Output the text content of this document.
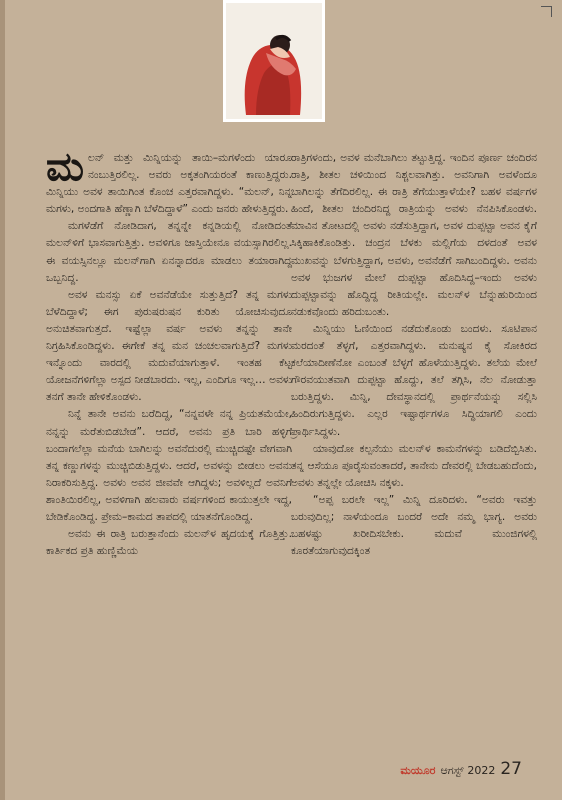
ಮಲನ್ ಮತ್ತು ಮಿನ್ನಿಯನ್ನು ತಾಯಿ–ಮಗಳೆಂದು ಯಾರೂ ನಂಬುತ್ತಿರಲಿಲ್ಲ. ಅವರು ಅಕ್ಕತಂಗಿಯರಂತೆ ಕಾಣುತ್ತಿದ್ದರು. ಮಿನ್ನಿಯು ಅವಳ ತಾಯಿಗಿಂತ ಕೊಂಚ ಎತ್ತರವಾಗಿದ್ದಳು. “ಮಲನ್, ನಿನ್ನ ಮಗಳು, ಅಂದಗಾತಿ ಹೆಣ್ಣಾಗಿ ಬೆಳೆದಿದ್ದಾಳೆ” ಎಂದು ಜನರು ಹೇಳುತ್ತಿದ್ದರು.

ಮಗಳೆಡೆಗೆ ನೋಡಿದಾಗ, ತನ್ನನ್ನೇ ಕನ್ನಡಿಯಲ್ಲಿ ನೋಡಿದಂತೆ ಮಲನ್‌ಳಿಗೆ ಭಾಸವಾಗುತ್ತಿತ್ತು. ಅವಳಿಗೂ ಜಾಸ್ತಿಯೇನೂ ವಯಸ್ಸಾಗಿರಲಿಲ್ಲ. ಈ ವಯಸ್ಸಿನಲ್ಲೂ ಮಲನ್‌ಗಾಗಿ ಏನನ್ನಾದರೂ ಮಾಡಲು ತಯಾರಾಗಿದ್ದ ಒಬ್ಬನಿದ್ದ.

ಅವಳ ಮನಸ್ಸು ಏಕೆ ಅವನೆಡೆಯೇ ಸುತ್ತುತ್ತಿದೆ? ತನ್ನ ಮಗಳು ಬೆಳೆದಿದ್ದಾಳೆ; ಈಗ ಪುರುಷರುಷನ ಕುರಿತು ಯೋಚಿಸುವುದೂ ಅನುಚಿತವಾಗುತ್ತದೆ. ಇಷ್ಟೆಲ್ಲಾ ವರ್ಷ ಅವಳು ತನ್ನನ್ನು ತಾನೇ ನಿಗ್ರಹಿಸಿಕೊಂಡಿದ್ದಳು. ಈಗೇಕೆ ತನ್ನ ಮನ ಚಂಚಲವಾಗುತ್ತಿದೆ? ಮಗಳು ಇನ್ನೊಂದು ವಾರದಲ್ಲಿ ಮದುವೆಯಾಗುತ್ತಾಳೆ. ಇಂತಹ ಕೆಟ್ಟ ಯೋಜನೆಗಳಿಗೆಲ್ಲಾ ಅಸ್ಪದ ನೀಡಬಾರದು. ಇಲ್ಲ, ಎಂದಿಗೂ ಇಲ್ಲ… ಅವಳು ತನಗೆ ತಾನೇ ಹೇಳಿಕೊಂಡಳು.

ನಿನ್ನೆ ತಾನೇ ಅವನು ಬರೆದಿದ್ದ, “ನನ್ನವಳೇ ನನ್ನ ಪ್ರಿಯತಮೆಯೇ, ನನ್ನನ್ನು ಮರೆತುಬಿಡಬೇಡ”. ಆದರೆ, ಅವನು ಪ್ರತಿ ಬಾರಿ ಹಳ್ಳಿಗೆ ಬಂದಾಗಲೆಲ್ಲಾ ಮನೆಯ ಬಾಗಿಲನ್ನು ಅವನೆದುರಲ್ಲಿ ಮುಚ್ಚಿದಷ್ಟೇ ವೇಗವಾಗಿ ತನ್ನ ಕಣ್ಣುಗಳನ್ನು ಮುಚ್ಚಿಬಿಡುತ್ತಿದ್ದಳು. ಆದರೆ, ಅವಳನ್ನು ಬೀಡಲು ಅವನು ನಿರಾಕರಿಸುತ್ತಿದ್ದ. ಅವಳು ಅವನ ಜೀವವೇ ಆಗಿದ್ದಳು; ಅವಳಿಲ್ಲದೆ ಅವನಿಗೆ ಶಾಂತಿಯಿರಲಿಲ್ಲ, ಅವಳಿಗಾಗಿ ಹಲವಾರು ವರ್ಷಗಳಿಂದ ಕಾಯುತ್ತಲೇ ಇದ್ದ, ಬೇಡಿಕೊಂಡಿದ್ದ. ಪ್ರೇಮ–ಕಾಮದ ತಾಪದಲ್ಲಿ ಯಾತನೆಗೊಂಡಿದ್ದ.

ಅವನು ಈ ರಾತ್ರಿ ಬರುತ್ತಾನೆಂದು ಮಲನ್‌ಳ ಹೃದಯಕ್ಕೆ ಗೊತ್ತಿತ್ತು. ಕಾರ್ತಿಕದ ಪ್ರತಿ ಹುಣ್ಣಿಮೆಯ

ರಾತ್ರಿಗಳಂದು, ಅವಳ ಮನೆಬಾಗಿಲು ತಟ್ಟುತ್ತಿದ್ದ. ಇಂದಿನ ಪೂರ್ಣ ಚಂದಿರನ ರಾತ್ರಿ, ಶೀತಲ ಚಳಿಯಿಂದ ನಿಶ್ಚಲವಾಗಿತ್ತು. ಅವನಿಗಾಗಿ ಅವಳೆಂದೂ ಬಾಗಿಲನ್ನು ತೆಗೆದಿರಲಿಲ್ಲ. ಈ ರಾತ್ರಿ ತೆಗೆಯುತ್ತಾಳೆಯೇ? ಬಹಳ ವರ್ಷಗಳ ಹಿಂದೆ, ಶೀತಲ ಚಂದಿರನಿದ್ದ ರಾತ್ರಿಯನ್ನು ಅವಳು ನೆನಪಿಸಿಕೊಂಡಳು. ಮಾವಿನ ತೋಟದಲ್ಲಿ ಅವಳು ನಡೆಸುತ್ತಿದ್ದಾಗ, ಅವಳ ದುಪ್ಪಟ್ಟಾ ಅವನ ಕೈಗೆ ಸಿಕ್ಕಿಹಾಕಿಕೊಂಡಿತ್ತು. ಚಂದ್ರನ ಬೆಳಕು ಮಲ್ಲಿಗೆಯ ದಳದಂತೆ ಅವಳ ಮುಖವನ್ನು ಬೆಳಗುತ್ತಿದ್ದಾಗ, ಅವಳು, ಅವನೆಡೆಗೆ ಸಾಗಿಬಂದಿದ್ದಳು. ಅವನು ಅವಳ ಭುಜಗಳ ಮೇಲೆ ದುಪ್ಪಟ್ಟಾ ಹೊದಿಸಿದ್ದ–ಇಂದು ಅವಳು ದುಪ್ಪಟ್ಟಾವನ್ನು ಹೊದ್ದಿದ್ದ ರೀತಿಯಲ್ಲೇ. ಮಲನ್‌ಳ ಬೆನ್ನುಹುರಿಯಿಂದ ನಡುಕವೊಂದು ಹರಿದುಬಂತು.

ಮಿನ್ನಿಯು ಓಣಿಯಿಂದ ನಡೆದುಕೊಂಡು ಬಂದಳು. ಸೂಟಿಪಾನ ಮರದಂತೆ ತೆಳ್ಳಗೆ, ಎತ್ತರವಾಗಿದ್ದಳು. ಮನುಷ್ಯನ ಕೈ ಸೋಕಿರದ ಕಲೆಯಾದೀಣೆನೋ ಎಂಬಂತೆ ಬೆಳ್ಳಗೆ ಹೊಳೆಯುತ್ತಿದ್ದಳು. ತಲೆಯ ಮೇಲೆ ಗೌರವಯುತವಾಗಿ ದುಪ್ಪಟ್ಟಾ ಹೊದ್ದು, ತಲೆ ತಗ್ಗಿಸಿ, ನೆಲ ನೋಡುತ್ತಾ ಬರುತ್ತಿದ್ದಳು. ಮಿನ್ನಿ, ದೇವಸ್ಥಾನದಲ್ಲಿ ಪ್ರಾರ್ಥನೆಯನ್ನು ಸಲ್ಲಿಸಿ ಹಿಂದಿರುಗುತ್ತಿದ್ದಳು. ಎಲ್ಲರ ಇಷ್ಟಾರ್ಥಗಳೂ ಸಿದ್ಧಿಯಾಗಲಿ ಎಂದು ಪ್ರಾರ್ಥಿಸಿದ್ದಳು.

ಯಾವುದೋ ಕಲ್ಪನೆಯು ಮಲನ್‌ಳ ಕಾಮನೆಗಳನ್ನು ಬಡಿದೆಬ್ಬಿಸಿತು. ತನ್ನ ಆಸೆಯೂ ಪೂರೈಸುವಂತಾದರೆ, ತಾನೇನು ದೇವರಲ್ಲಿ ಬೇಡಬಹುದೆಂದು, ಅವಳು ತನ್ನಲ್ಲೇ ಯೋಚಿಸಿ ನಕ್ಕಳು.

“ಅಪ್ಪ ಬರಲೇ ಇಲ್ಲ” ಮಿನ್ನಿ ದೂರಿದಳು. “ಅವರು ಇವತ್ತು ಬರುವುದಿಲ್ಲ; ನಾಳೆಯಂದೂ ಬಂದರೆ ಅದೇ ನಮ್ಮ ಭಾಗ್ಯ. ಅವರು ಬಹಳಷ್ಟು ಖರೀದಿಸಬೇಕು. ಮದುವೆ ಮುಂಜಿಗಳಲ್ಲಿ ಕೂರತೆಯಾಗುವುದಕ್ಕಿಂತ

ಮಯೂರ ಆಗಸ್ಟ್ 2022 27
